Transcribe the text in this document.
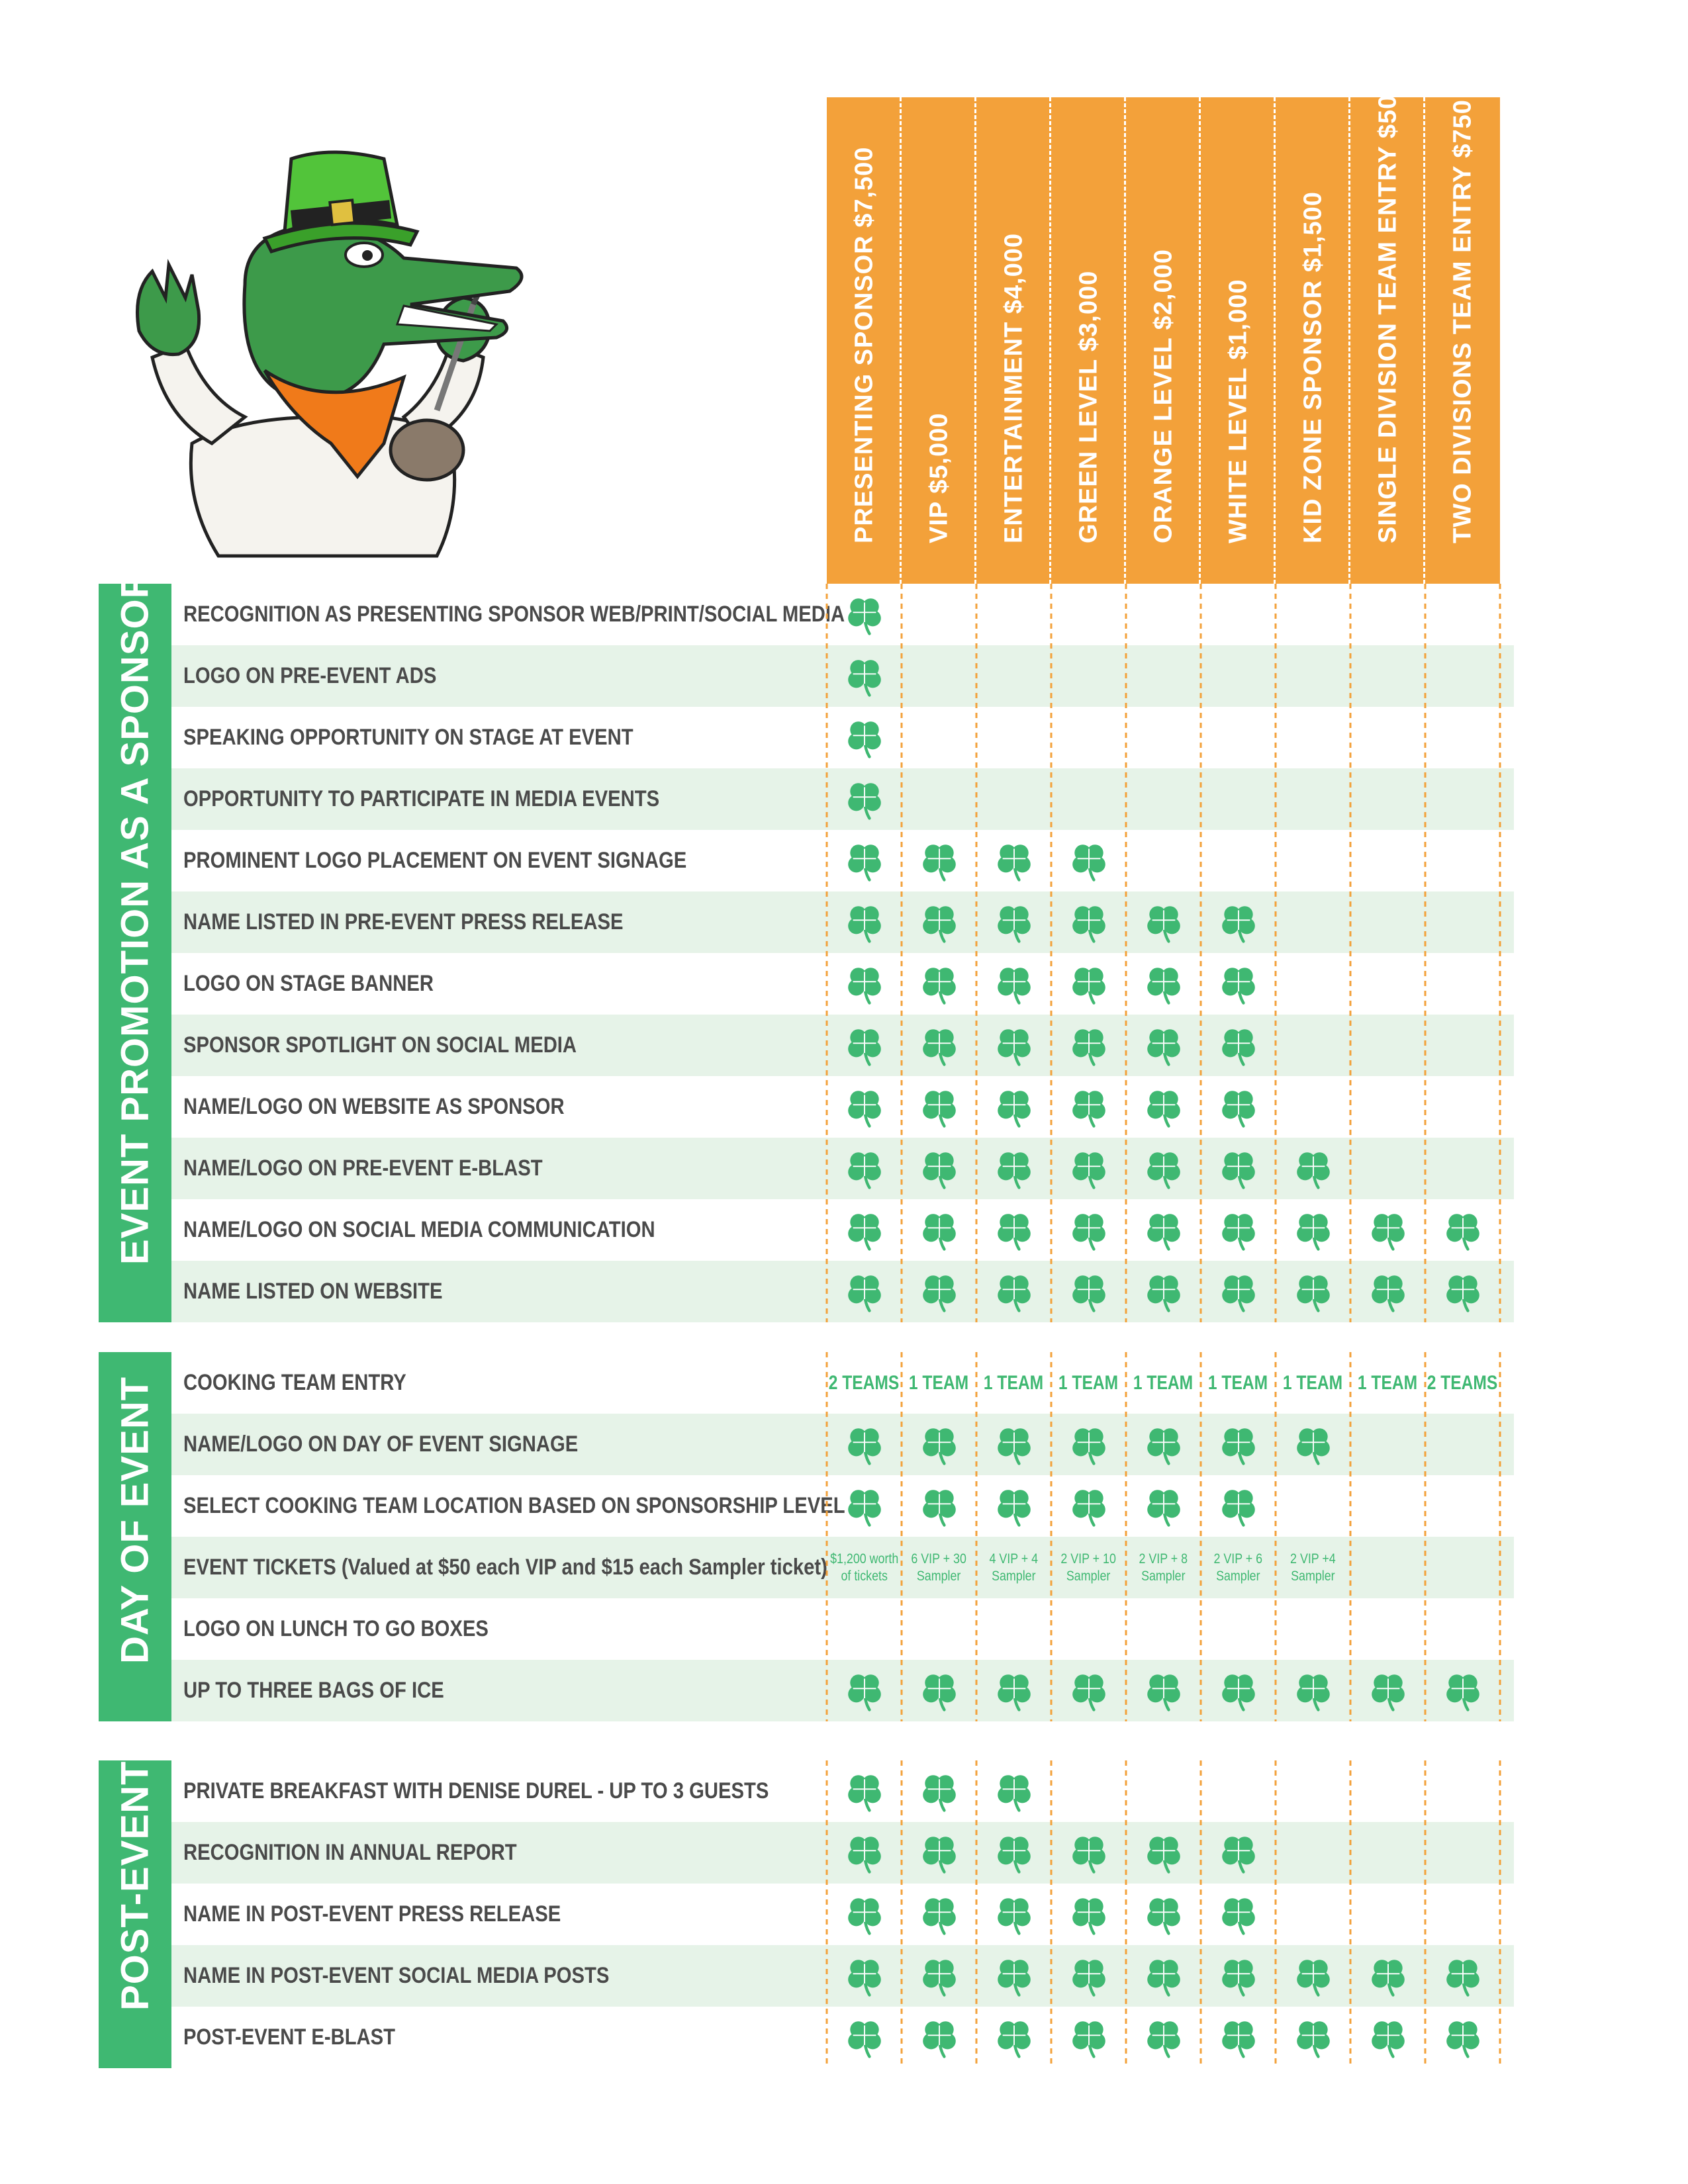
PRESENTING SPONSOR $7,500 VIP $5,000 ENTERTAINMENT $4,000 GREEN LEVEL $3,000 ORANGE LEVEL $2,000 WHITE LEVEL $1,000 KID ZONE SPONSOR $1,500 SINGLE DIVISION TEAM ENTRY $500 TWO DIVISIONS TEAM ENTRY $750
EVENT PROMOTION AS A SPONSOR RECOGNITION AS PRESENTING SPONSOR WEB/PRINT/SOCIAL MEDIA
LOGO ON PRE-EVENT ADS
SPEAKING OPPORTUNITY ON STAGE AT EVENT
OPPORTUNITY TO PARTICIPATE IN MEDIA EVENTS
PROMINENT LOGO PLACEMENT ON EVENT SIGNAGE
NAME LISTED IN PRE-EVENT PRESS RELEASE
LOGO ON STAGE BANNER
SPONSOR SPOTLIGHT ON SOCIAL MEDIA
NAME/LOGO ON WEBSITE AS SPONSOR
NAME/LOGO ON PRE-EVENT E-BLAST
NAME/LOGO ON SOCIAL MEDIA COMMUNICATION
NAME LISTED ON WEBSITE
DAY OF EVENT COOKING TEAM ENTRY	2 TEAMS 1 TEAM 1 TEAM 1 TEAM 1 TEAM 1 TEAM 1 TEAM 1 TEAM 2 TEAMS
NAME/LOGO ON DAY OF EVENT SIGNAGE
SELECT COOKING TEAM LOCATION BASED ON SPONSORSHIP LEVEL
EVENT TICKETS (Valued at $50 each VIP and $15 each Sampler ticket) $1,200 worth
of tickets
6 VIP + 30
Sampler
4 VIP + 4
Sampler
2 VIP + 10
Sampler
2 VIP + 8
Sampler
2 VIP + 6
Sampler
2 VIP +4
Sampler
LOGO ON LUNCH TO GO BOXES
UP TO THREE BAGS OF ICE
POST-EVENT PRIVATE BREAKFAST WITH DENISE DUREL - UP TO 3 GUESTS
RECOGNITION IN ANNUAL REPORT
NAME IN POST-EVENT PRESS RELEASE
NAME IN POST-EVENT SOCIAL MEDIA POSTS
POST-EVENT E-BLAST
